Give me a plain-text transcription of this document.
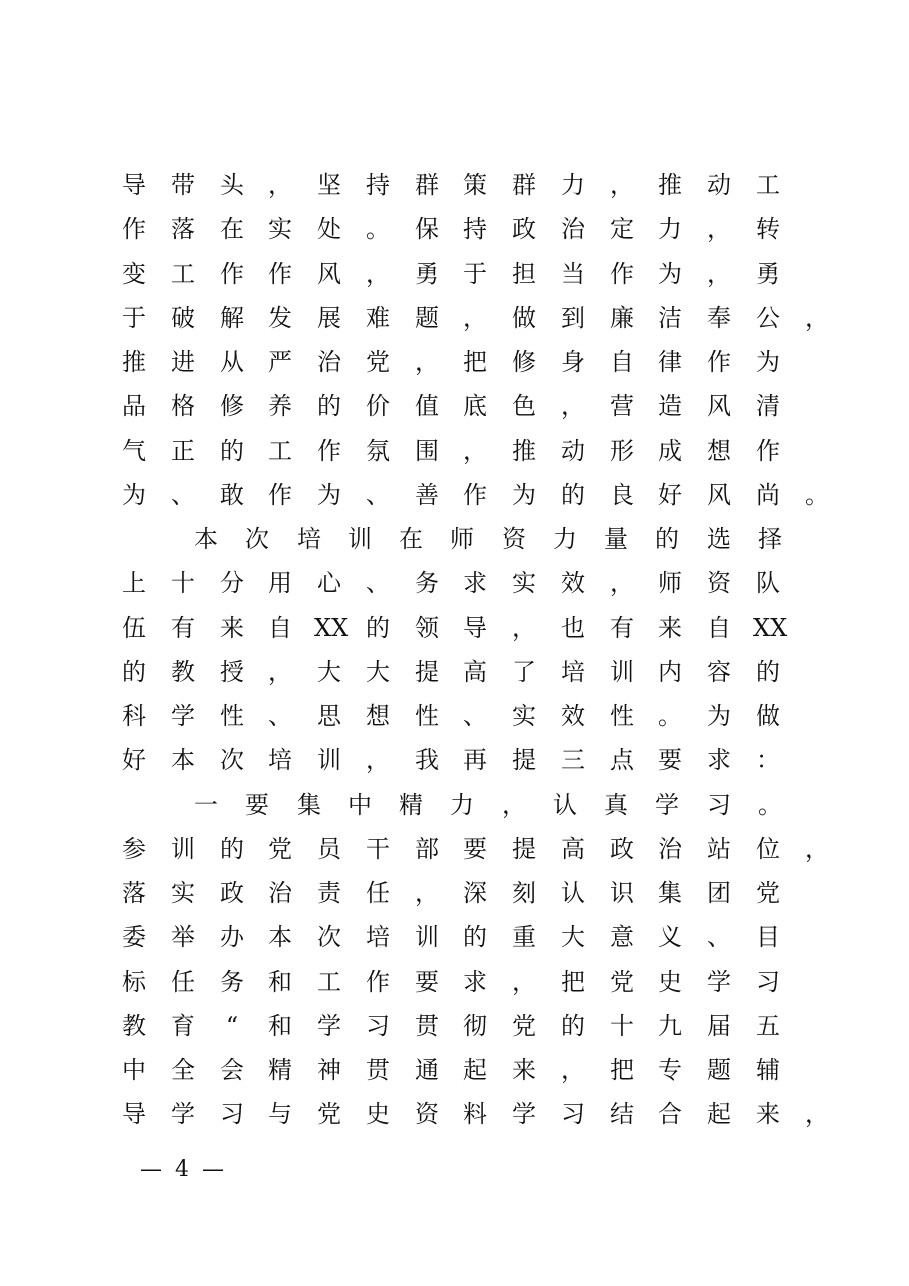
导 带 头 ， 坚 持 群 策 群 力 ， 推 动 工
作 落 在 实 处 。 保 持 政 治 定 力 ， 转
变 工 作 作 风 ， 勇 于 担 当 作 为 ， 勇
于 破 解 发 展 难 题 ， 做 到 廉 洁 奉 公 ，
推 进 从 严 治 党 ， 把 修 身 自 律 作 为
品 格 修 养 的 价 值 底 色 ， 营 造 风 清
气 正 的 工 作 氛 围 ， 推 动 形 成 想 作
为 、 敢 作 为 、 善 作 为 的 良 好 风 尚 。
本 次 培 训 在 师 资 力 量 的 选 择
上 十 分 用 心 、 务 求 实 效 ， 师 资 队
伍 有 来 自 XX 的 领 导 ， 也 有 来 自 XX
的 教 授 ， 大 大 提 高 了 培 训 内 容 的
科 学 性 、 思 想 性 、 实 效 性 。 为 做
好 本 次 培 训 ， 我 再 提 三 点 要 求 ：
一 要 集 中 精 力 ， 认 真 学 习 。
参 训 的 党 员 干 部 要 提 高 政 治 站 位 ，
落 实 政 治 责 任 ， 深 刻 认 识 集 团 党
委 举 办 本 次 培 训 的 重 大 意 义 、 目
标 任 务 和 工 作 要 求 ， 把 党 史 学 习
教 育	“	和 学 习 贯 彻 党 的 十 九 届 五
中 全 会 精 神 贯 通 起 来 ， 把 专 题 辅
导 学 习 与 党 史 资 料 学 习 结 合 起 来 ，
— 4 —
